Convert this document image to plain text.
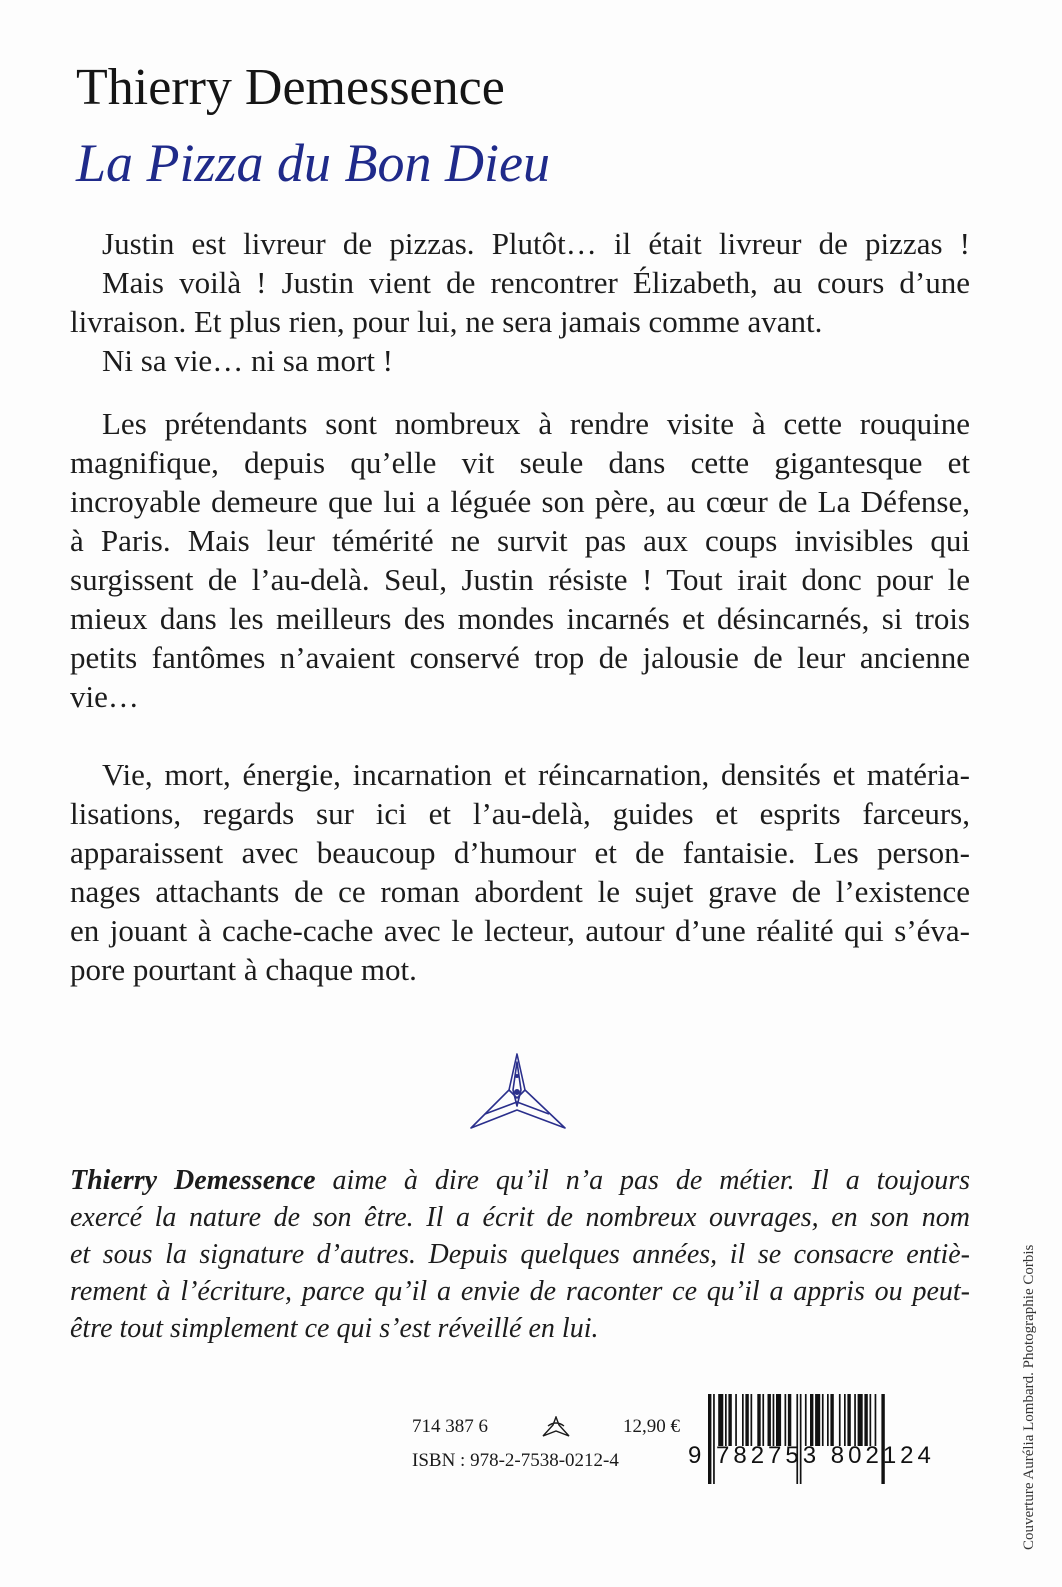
Thierry Demessence
La Pizza du Bon Dieu
Justin est livreur de pizzas. Plutôt… il était livreur de pizzas !
Mais voilà ! Justin vient de rencontrer Élizabeth, au cours d’une
livraison. Et plus rien, pour lui, ne sera jamais comme avant.
Ni sa vie… ni sa mort !
Les prétendants sont nombreux à rendre visite à cette rouquine
magnifique, depuis qu’elle vit seule dans cette gigantesque et
incroyable demeure que lui a léguée son père, au cœur de La Défense,
à Paris. Mais leur témérité ne survit pas aux coups invisibles qui
surgissent de l’au-delà. Seul, Justin résiste ! Tout irait donc pour le
mieux dans les meilleurs des mondes incarnés et désincarnés, si trois
petits fantômes n’avaient conservé trop de jalousie de leur ancienne
vie…
Vie, mort, énergie, incarnation et réincarnation, densités et matéria-
lisations, regards sur ici et l’au-delà, guides et esprits farceurs,
apparaissent avec beaucoup d’humour et de fantaisie. Les person-
nages attachants de ce roman abordent le sujet grave de l’existence
en jouant à cache-cache avec le lecteur, autour d’une réalité qui s’éva-
pore pourtant à chaque mot.
Thierry Demessence aime à dire qu’il n’a pas de métier. Il a toujours
exercé la nature de son être. Il a écrit de nombreux ouvrages, en son nom
et sous la signature d’autres. Depuis quelques années, il se consacre entiè-
rement à l’écriture, parce qu’il a envie de raconter ce qu’il a appris ou peut-
être tout simplement ce qui s’est réveillé en lui.	Couverture Aurélia Lombard. Photographie Corbis
714 387 6	12,90 €
ISBN : 978-2-7538-0212-4	9 782753 802124
